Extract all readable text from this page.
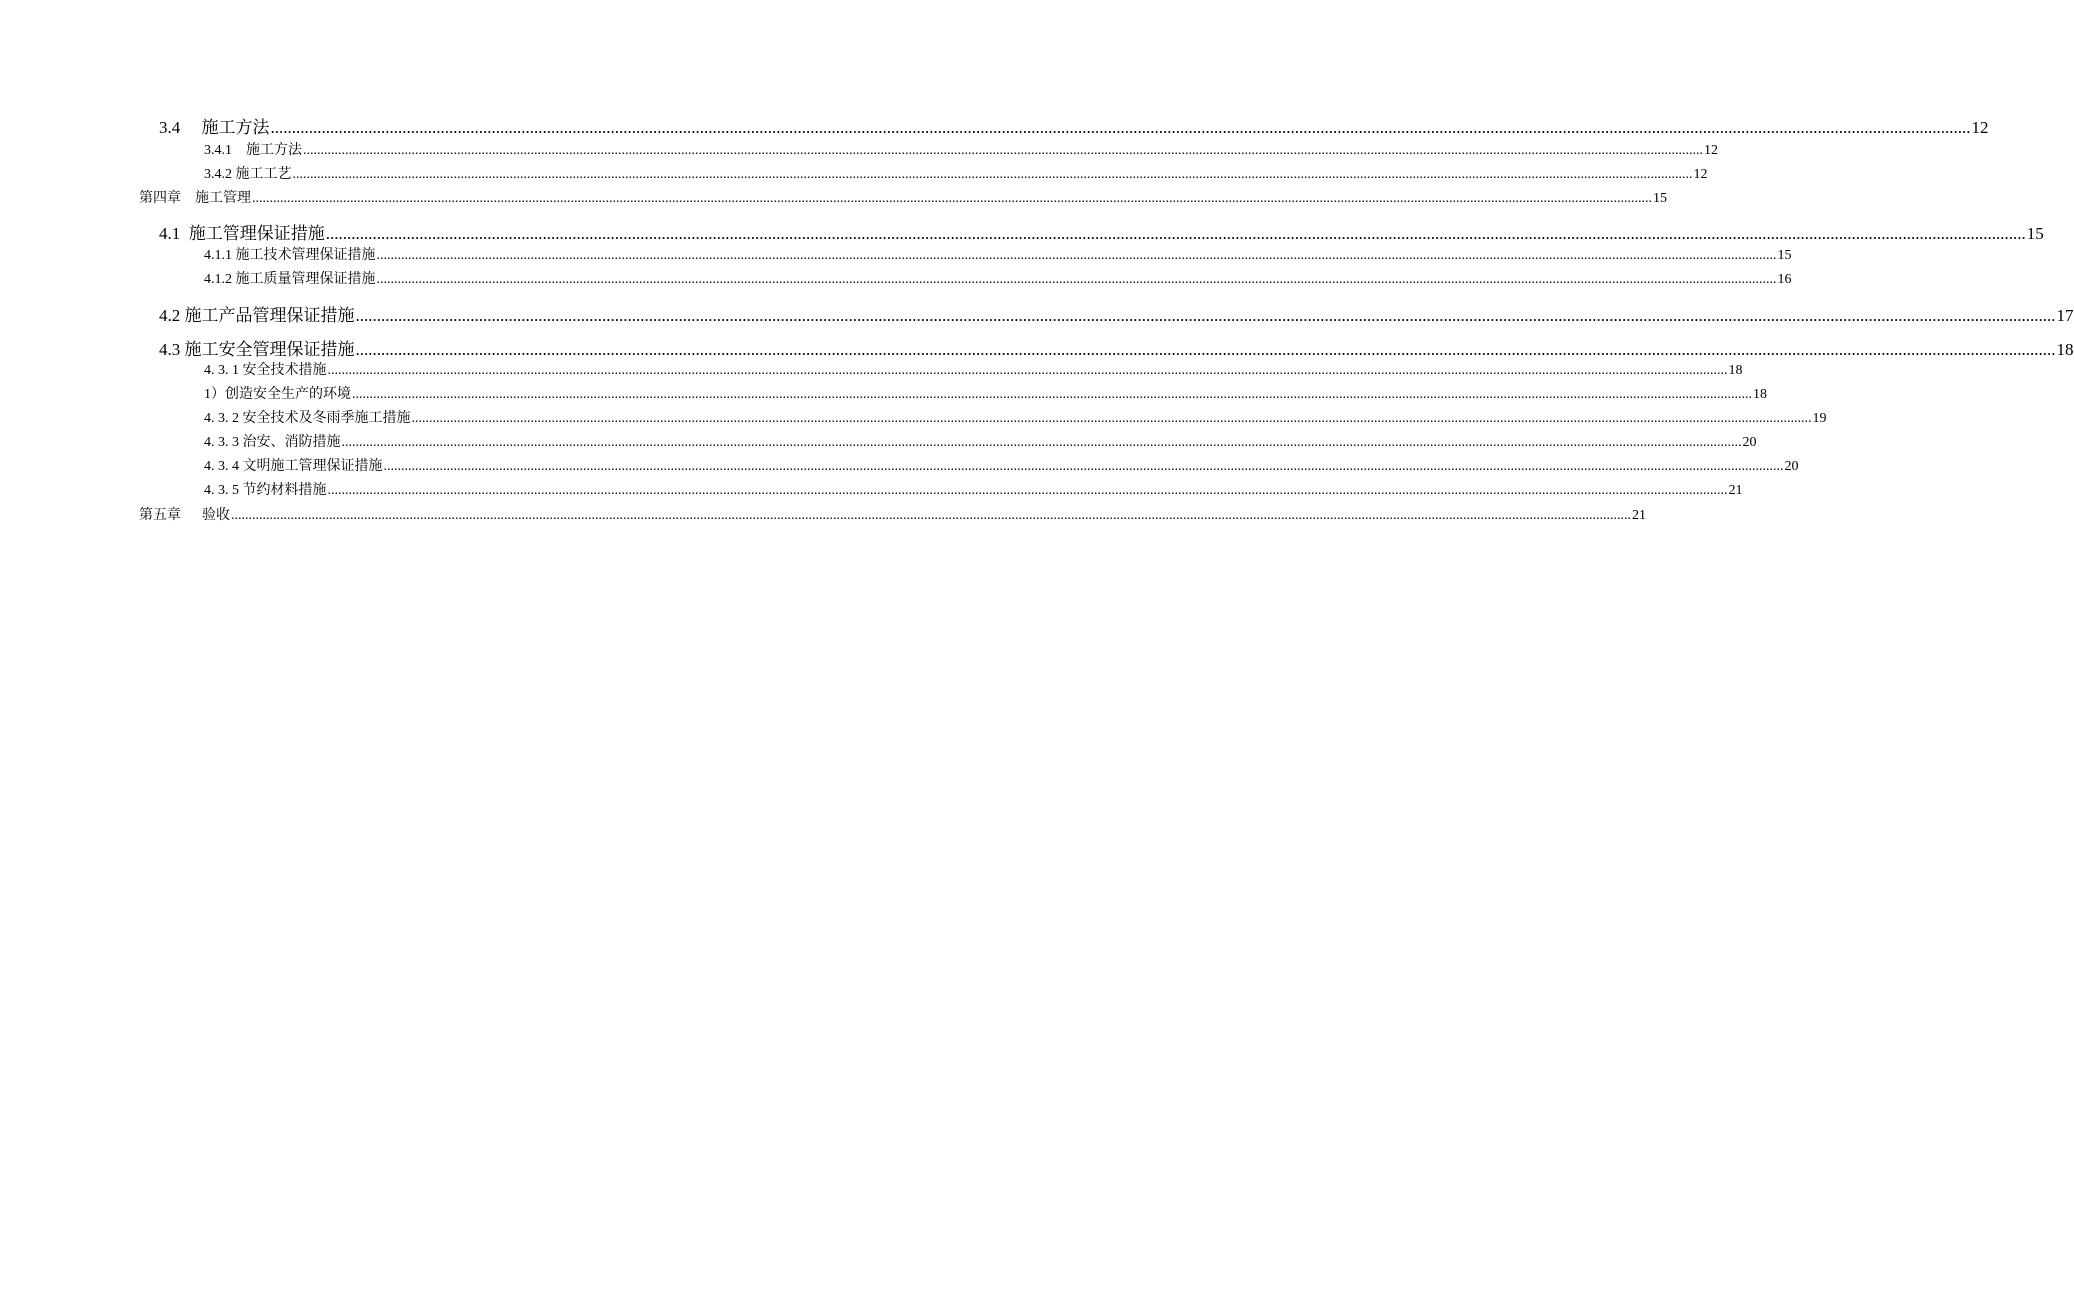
3.4     施工方法 ................................................................................................................................................................................................................................................................................................................................................................................................................ 12
3.4.1    施工方法 ................................................................................................................................................................................................................................................................................................................................................................................................................ 12
3.4.2 施工工艺 ................................................................................................................................................................................................................................................................................................................................................................................................................ 12
第四章    施工管理 ................................................................................................................................................................................................................................................................................................................................................................................................................ 15
4.1  施工管理保证措施 ................................................................................................................................................................................................................................................................................................................................................................................................................ 15
4.1.1 施工技术管理保证措施 ................................................................................................................................................................................................................................................................................................................................................................................................................ 15
4.1.2 施工质量管理保证措施 ................................................................................................................................................................................................................................................................................................................................................................................................................ 16
4.2 施工产品管理保证措施 ................................................................................................................................................................................................................................................................................................................................................................................................................ 17
4.3 施工安全管理保证措施 ................................................................................................................................................................................................................................................................................................................................................................................................................ 18
4. 3. 1 安全技术措施 ................................................................................................................................................................................................................................................................................................................................................................................................................ 18
1）创造安全生产的环境 ................................................................................................................................................................................................................................................................................................................................................................................................................ 18
4. 3. 2 安全技术及冬雨季施工措施 ................................................................................................................................................................................................................................................................................................................................................................................................................ 19
4. 3. 3 治安、消防措施 ................................................................................................................................................................................................................................................................................................................................................................................................................ 20
4. 3. 4 文明施工管理保证措施 ................................................................................................................................................................................................................................................................................................................................................................................................................ 20
4. 3. 5 节约材料措施 ................................................................................................................................................................................................................................................................................................................................................................................................................ 21
第五章      验收 ................................................................................................................................................................................................................................................................................................................................................................................................................ 21
